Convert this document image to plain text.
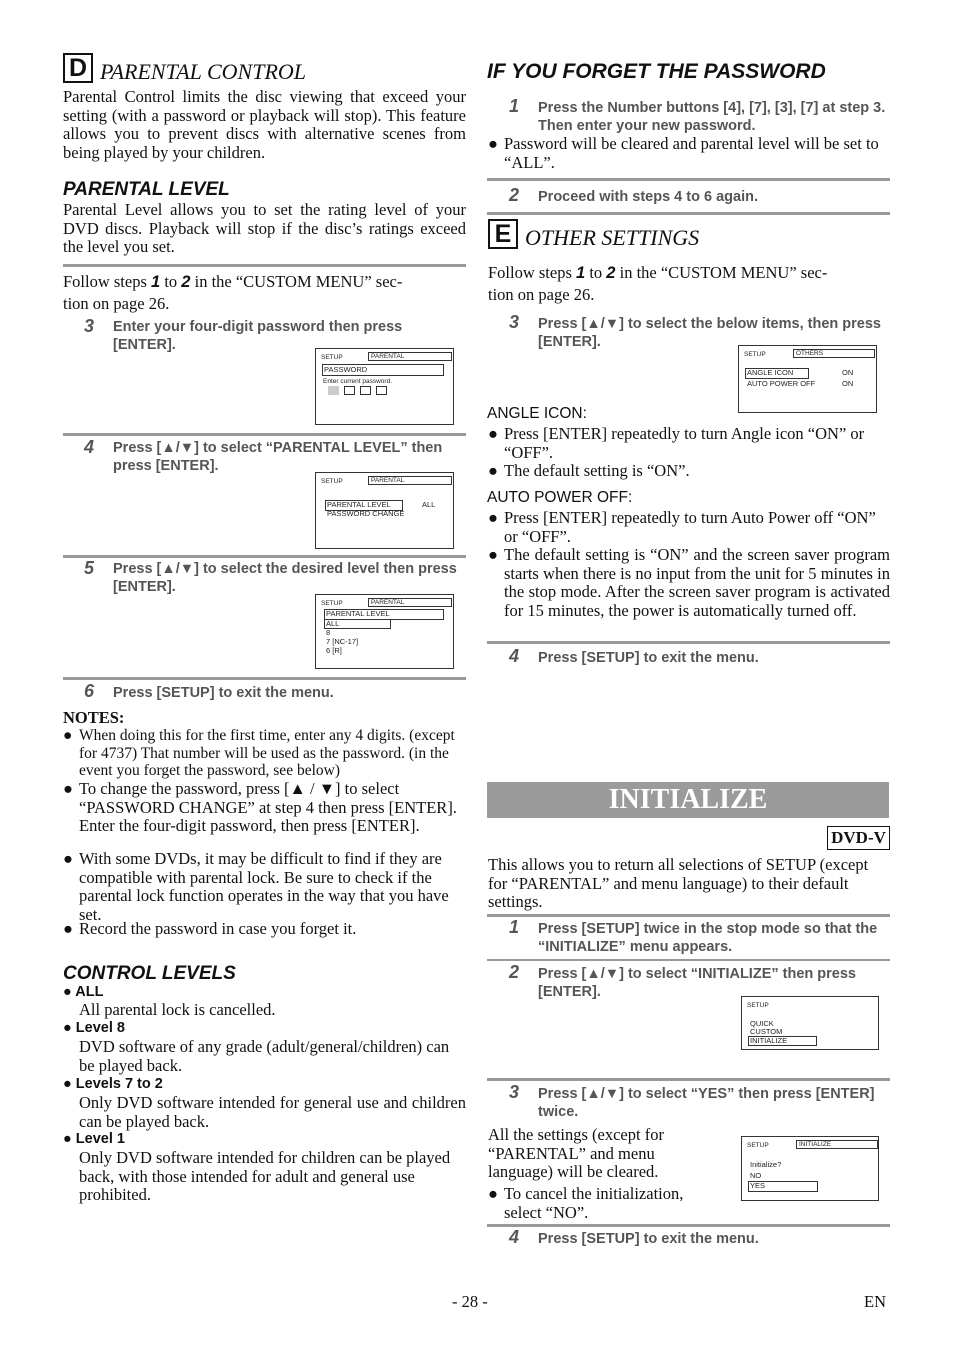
D PARENTAL CONTROL
Parental Control limits the disc viewing that exceed your setting (with a password or playback will stop). This feature allows you to prevent discs with alternative scenes from being played by your children.
PARENTAL LEVEL
Parental Level allows you to set the rating level of your DVD discs. Playback will stop if the disc’s ratings exceed the level you set.
Follow steps 1 to 2 in the “CUSTOM MENU” sec-
tion on page 26.
3 Enter your four-digit password then press [ENTER].
SETUP	PARENTAL
PASSWORD
Enter current password.
4 Press [▲/▼] to select “PARENTAL LEVEL” then press [ENTER].
SETUP	PARENTAL
PARENTAL LEVEL	ALL
PASSWORD CHANGE
5 Press [▲/▼] to select the desired level then press [ENTER].
SETUP	PARENTAL
PARENTAL LEVEL
ALL
8
7 [NC-17]
6 [R]
6 Press [SETUP] to exit the menu.
NOTES:
● When doing this for the first time, enter any 4 digits. (except for 4737) That number will be used as the password. (in the event you forget the password, see below)
● To change the password, press [▲ / ▼] to select “PASSWORD CHANGE” at step 4 then press [ENTER]. Enter the four-digit password, then press [ENTER].
● With some DVDs, it may be difficult to find if they are compatible with parental lock. Be sure to check if the parental lock function operates in the way that you have set.
● Record the password in case you forget it.
CONTROL LEVELS
● ALL
All parental lock is cancelled.
● Level 8
DVD software of any grade (adult/general/children) can be played back.
● Levels 7 to 2
Only DVD software intended for general use and children can be played back.
● Level 1
Only DVD software intended for children can be played back, with those intended for adult and general use prohibited.
IF YOU FORGET THE PASSWORD
1 Press the Number buttons [4], [7], [3], [7] at step 3. Then enter your new password.
● Password will be cleared and parental level will be set to “ALL”.
2 Proceed with steps 4 to 6 again.
E OTHER SETTINGS
Follow steps 1 to 2 in the “CUSTOM MENU” sec-
tion on page 26.
3 Press [▲/▼] to select the below items, then press [ENTER].
SETUP	OTHERS
ANGLE ICON	ON
AUTO POWER OFF	ON
ANGLE ICON:
● Press [ENTER] repeatedly to turn Angle icon “ON” or “OFF”.
● The default setting is “ON”.
AUTO POWER OFF:
● Press [ENTER] repeatedly to turn Auto Power off “ON” or “OFF”.
● The default setting is “ON” and the screen saver program starts when there is no input from the unit for 5 minutes in the stop mode. After the screen saver program is activated for 15 minutes, the power is automatically turned off.
4 Press [SETUP] to exit the menu.
INITIALIZE
DVD-V
This allows you to return all selections of SETUP (except for “PARENTAL” and menu language) to their default settings.
1 Press [SETUP] twice in the stop mode so that the “INITIALIZE” menu appears.
2 Press [▲/▼] to select “INITIALIZE” then press [ENTER].
SETUP
QUICK
CUSTOM
INITIALIZE
3 Press [▲/▼] to select “YES” then press [ENTER] twice.
All the settings (except for “PARENTAL” and menu language) will be cleared.
● To cancel the initialization, select “NO”.
SETUP	INITIALIZE
Initialize?
NO
YES
4 Press [SETUP] to exit the menu.
- 28 -	EN
